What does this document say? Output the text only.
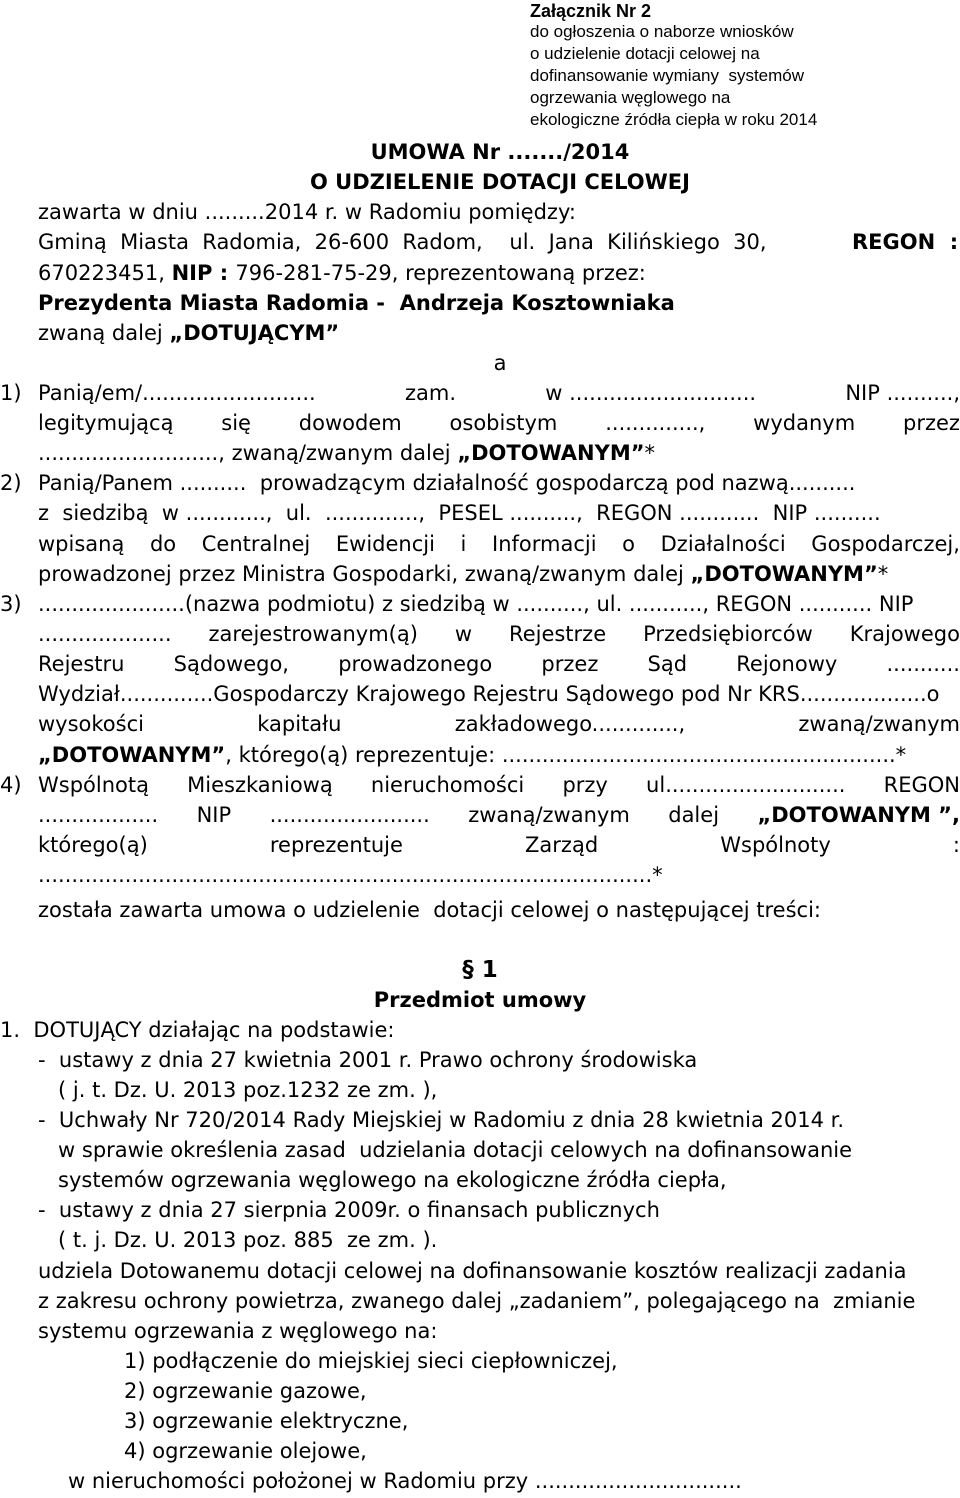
Załącznik Nr 2
do ogłoszenia o naborze wniosków
o udzielenie dotacji celowej na
dofinansowanie wymiany  systemów
ogrzewania węglowego na
ekologiczne źródła ciepła w roku 2014
UMOWA Nr ......./2014
O UDZIELENIE DOTACJI CELOWEJ
zawarta w dniu .........2014 r. w Radomiu pomiędzy:
Gminą  Miasta  Radomia,  26-600  Radom,    ul.  Jana  Kilińskiego  30,	REGON  :
670223451, NIP : 796-281-75-29, reprezentowaną przez:
Prezydenta Miasta Radomia -  Andrzeja Kosztowniaka
zwaną dalej „DOTUJĄCYM”
a
1) Panią/em/..........................	zam.	w ............................	NIP ..........,
legitymującą się dowodem osobistym .............., wydanym przez
..........................., zwaną/zwanym dalej „DOTOWANYM”*
2) Panią/Panem ..........  prowadzącym działalność gospodarczą pod nazwą..........
z  siedzibą  w ............,  ul.  ..............,  PESEL ..........,  REGON ............  NIP ..........
wpisaną do Centralnej Ewidencji i Informacji o Działalności Gospodarczej,
prowadzonej przez Ministra Gospodarki, zwaną/zwanym dalej „DOTOWANYM”*
3) ......................(nazwa podmiotu) z siedzibą w .........., ul. ..........., REGON ........... NIP
.................... zarejestrowanym(ą) w Rejestrze Przedsiębiorców Krajowego
Rejestru Sądowego, prowadzonego przez Sąd Rejonowy ...........
Wydział..............Gospodarczy Krajowego Rejestru Sądowego pod Nr KRS...................o
wysokości	kapitału	zakładowego.............,	zwaną/zwanym
„DOTOWANYM”, którego(ą) reprezentuje: ...........................................................*
4) Wspólnotą Mieszkaniową nieruchomości przy ul........................... REGON
.................. NIP ........................ zwaną/zwanym dalej „DOTOWANYM ”,
którego(ą)	reprezentuje	Zarząd	Wspólnoty	:
............................................................................................*
została zawarta umowa o udzielenie  dotacji celowej o następującej treści:
§ 1
Przedmiot umowy
1.  DOTUJĄCY działając na podstawie:
-  ustawy z dnia 27 kwietnia 2001 r. Prawo ochrony środowiska
( j. t. Dz. U. 2013 poz.1232 ze zm. ),
-  Uchwały Nr 720/2014 Rady Miejskiej w Radomiu z dnia 28 kwietnia 2014 r.
w sprawie określenia zasad  udzielania dotacji celowych na dofinansowanie
systemów ogrzewania węglowego na ekologiczne źródła ciepła,
-  ustawy z dnia 27 sierpnia 2009r. o finansach publicznych
( t. j. Dz. U. 2013 poz. 885  ze zm. ).
udziela Dotowanemu dotacji celowej na dofinansowanie kosztów realizacji zadania
z zakresu ochrony powietrza, zwanego dalej „zadaniem”, polegającego na  zmianie
systemu ogrzewania z węglowego na:
1) podłączenie do miejskiej sieci ciepłowniczej,
2) ogrzewanie gazowe,
3) ogrzewanie elektryczne,
4) ogrzewanie olejowe,
w nieruchomości położonej w Radomiu przy ...............................
